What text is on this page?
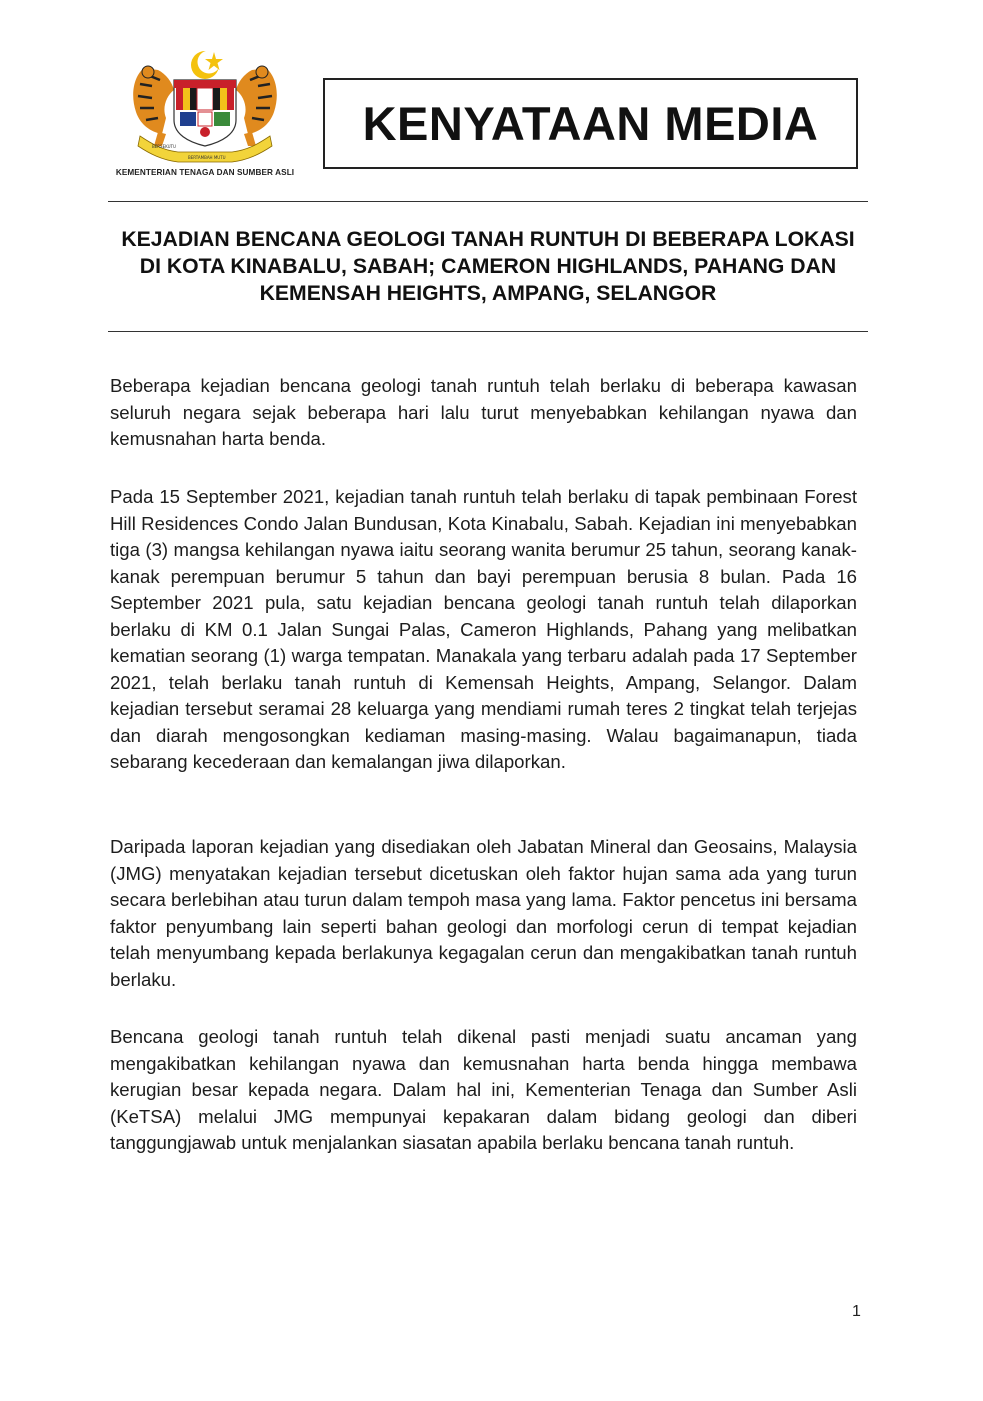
BERSEKUTU
BERTAMBAH MUTU
KEMENTERIAN TENAGA DAN SUMBER ASLI
KENYATAAN MEDIA
KEJADIAN BENCANA GEOLOGI TANAH RUNTUH DI BEBERAPA LOKASI DI KOTA KINABALU, SABAH; CAMERON HIGHLANDS, PAHANG DAN KEMENSAH HEIGHTS, AMPANG, SELANGOR
Beberapa kejadian bencana geologi tanah runtuh telah berlaku di beberapa kawasan seluruh negara sejak beberapa hari lalu turut menyebabkan kehilangan nyawa dan kemusnahan harta benda.
Pada 15 September 2021, kejadian tanah runtuh telah berlaku di tapak pembinaan Forest Hill Residences Condo Jalan Bundusan, Kota Kinabalu, Sabah. Kejadian ini menyebabkan tiga (3) mangsa kehilangan nyawa iaitu seorang wanita berumur 25 tahun, seorang kanak-kanak perempuan berumur 5 tahun dan bayi perempuan berusia 8 bulan. Pada 16 September 2021 pula, satu kejadian bencana geologi tanah runtuh telah dilaporkan berlaku di KM 0.1 Jalan Sungai Palas, Cameron Highlands, Pahang yang melibatkan kematian seorang (1) warga tempatan. Manakala yang terbaru adalah pada 17 September 2021, telah berlaku tanah runtuh di Kemensah Heights, Ampang, Selangor. Dalam kejadian tersebut seramai 28 keluarga yang mendiami rumah teres 2 tingkat telah terjejas dan diarah mengosongkan kediaman masing-masing. Walau bagaimanapun, tiada sebarang kecederaan dan kemalangan jiwa dilaporkan.
Daripada laporan kejadian yang disediakan oleh Jabatan Mineral dan Geosains, Malaysia (JMG) menyatakan kejadian tersebut dicetuskan oleh faktor hujan sama ada yang turun secara berlebihan atau turun dalam tempoh masa yang lama. Faktor pencetus ini bersama faktor penyumbang lain seperti bahan geologi dan morfologi cerun di tempat kejadian telah menyumbang kepada berlakunya kegagalan cerun dan mengakibatkan tanah runtuh berlaku.
Bencana geologi tanah runtuh telah dikenal pasti menjadi suatu ancaman yang mengakibatkan kehilangan nyawa dan kemusnahan harta benda hingga membawa kerugian besar kepada negara. Dalam hal ini, Kementerian Tenaga dan Sumber Asli (KeTSA) melalui JMG mempunyai kepakaran dalam bidang geologi dan diberi tanggungjawab untuk menjalankan siasatan apabila berlaku bencana tanah runtuh.
1
